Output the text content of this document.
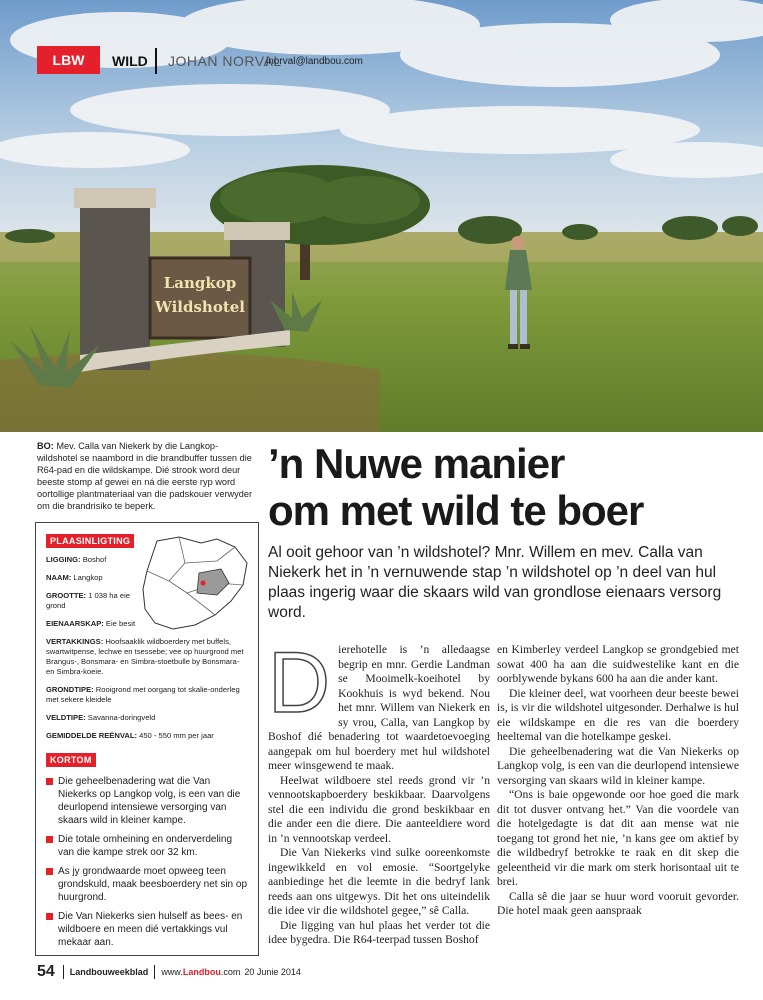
Langkop
Wildshotel
LBW	WILD JOHAN NORVAL
jnorval@landbou.com
BO: Mev. Calla van Niekerk by die Langkop-wildshotel se naambord in die brandbuffer tussen die R64-pad en die wildskampe. Dié strook word deur beeste stomp af gewei en ná die eerste ryp word oortollige plantmateriaal van die padskouer verwyder om die brandrisiko te beperk.
’n Nuwe manier
om met wild te boer
Al ooit gehoor van ’n wildshotel? Mnr. Willem en mev. Calla van Niekerk het in ’n vernuwende stap ’n wildshotel op ’n deel van hul plaas ingerig waar die skaars wild van grondlose eienaars versorg word.
PLAASINLIGTING
LIGGING: Boshof
NAAM: Langkop
GROOTTE: 1 038 ha eie grond
EIENAARSKAP: Eie besit
VERTAKKINGS: Hoofsaaklik wildboerdery met buffels, swartwitpense, lechwe en tsessebe; vee op huurgrond met Brangus-, Bonsmara- en Simbra-stoetbulle by Bonsmara- en Simbra-koeie.
GRONDTIPE: Rooigrond met oorgang tot skalie-onderleg met sekere kleidele
VELDTIPE: Savanna-doringveld
GEMIDDELDE REËNVAL: 450 - 550 mm per jaar
KORTOM
Die geheelbenadering wat die Van Niekerks op Langkop volg, is een van die deurlopend intensiewe versorging van skaars wild in kleiner kampe.
Die totale omheining en onderverdeling van die kampe strek oor 32 km.
As jy grondwaarde moet opweeg teen grondskuld, maak beesboerdery net sin op huurgrond.
Die Van Niekerks sien hulself as bees- en wildboere en meen dié vertakkings vul mekaar aan.
D ierehotelle is ’n alledaagse begrip en mnr. Gerdie Landman se Mooimelk-koeihotel by Kookhuis is wyd bekend. Nou het mnr. Willem van Niekerk en sy vrou, Calla, van Langkop by Boshof dié benadering tot waardetoevoeging aangepak om hul boerdery met hul wildshotel meer winsgewend te maak.

Heelwat wildboere stel reeds grond vir ’n vennootskapboerdery beskikbaar. Daarvolgens stel die een individu die grond beskikbaar en die ander een die diere. Die aanteeldiere word in ’n vennootskap verdeel.

Die Van Niekerks vind sulke ooreenkomste ingewikkeld en vol emosie. “Soortgelyke aanbiedinge het die leemte in die bedryf lank reeds aan ons uitgewys. Dit het ons uiteindelik die idee vir die wildshotel gegee,” sê Calla.

Die ligging van hul plaas het verder tot die idee bygedra. Die R64-teerpad tussen Boshof

en Kimberley verdeel Langkop se grondgebied met sowat 400 ha aan die suidwestelike kant en die oorblywende bykans 600 ha aan die ander kant.

Die kleiner deel, wat voorheen deur beeste bewei is, is vir die wildshotel uitgesonder. Derhalwe is hul eie wildskampe en die res van die boerdery heeltemal van die hotelkampe geskei.

Die geheelbenadering wat die Van Niekerks op Langkop volg, is een van die deurlopend intensiewe versorging van skaars wild in kleiner kampe.

“Ons is baie opgewonde oor hoe goed die mark dit tot dusver ontvang het.” Van die voordele van die hotelgedagte is dat dit aan mense wat nie toegang tot grond het nie, ’n kans gee om aktief by die wildbedryf betrokke te raak en dit skep die geleentheid vir die mark om sterk horisontaal uit te brei.

Calla sê die jaar se huur word vooruit gevorder. Die hotel maak geen aanspraak

54 Landbouweekblad www.Landbou.com 20 Junie 2014
